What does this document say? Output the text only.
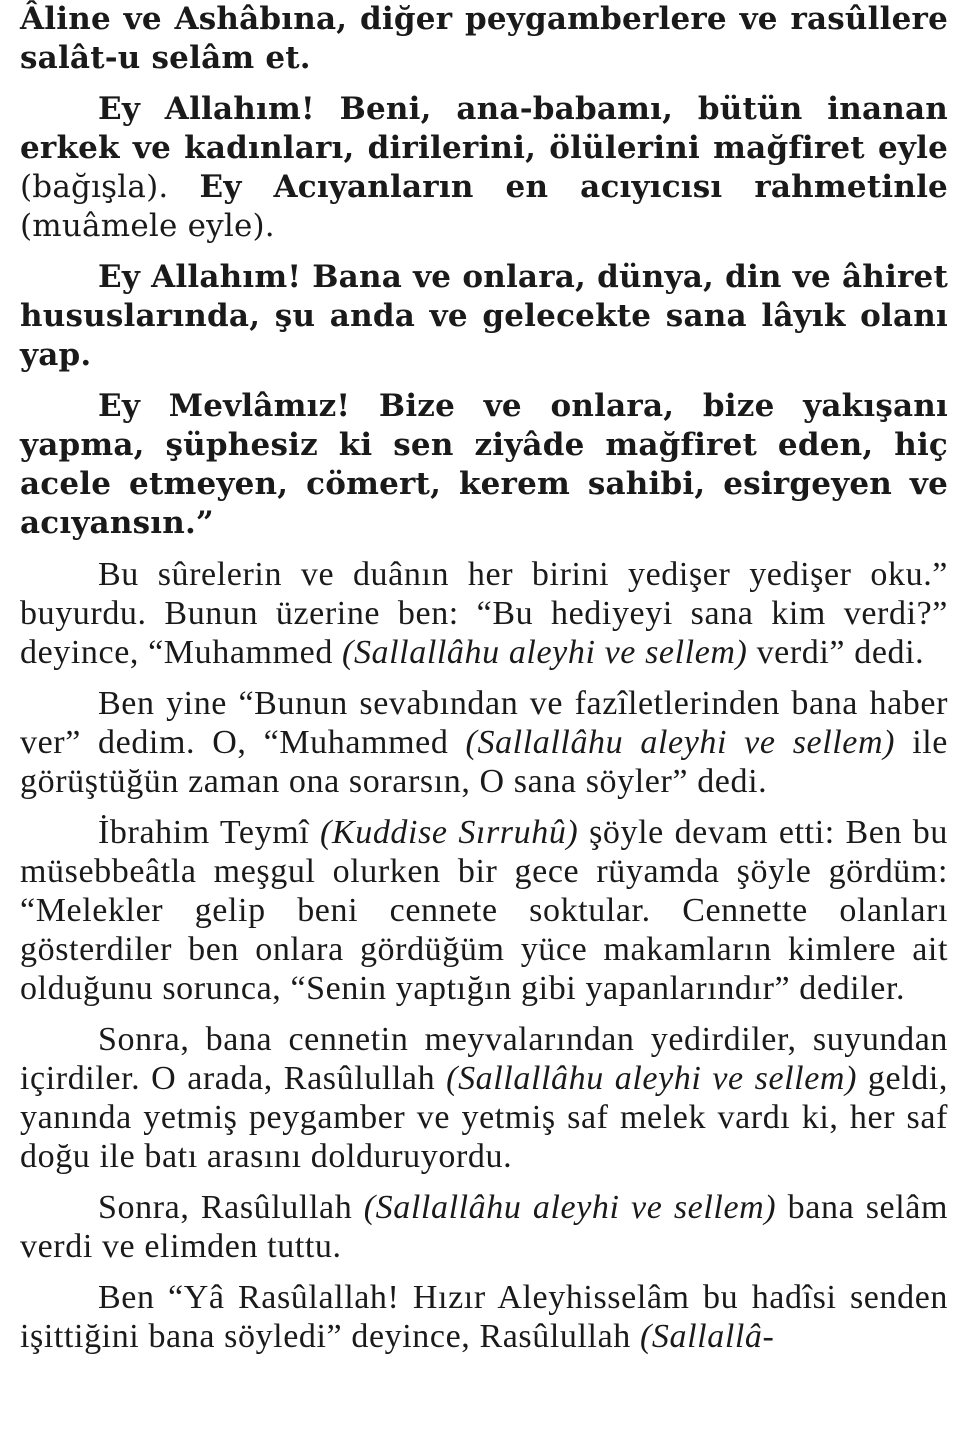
Âline ve Ashâbına, diğer peygamberlere ve rasûllere salât-u selâm et.

Ey Allahım! Beni, ana-babamı, bütün inanan erkek ve kadınları, dirilerini, ölülerini mağfiret eyle (bağışla). Ey Acıyanların en acıyıcısı rahmetinle (muâmele eyle).

Ey Allahım! Bana ve onlara, dünya, din ve âhiret hususlarında, şu anda ve gelecekte sana lâyık olanı yap.

Ey Mevlâmız! Bize ve onlara, bize yakışanı yapma, şüphesiz ki sen ziyâde mağfiret eden, hiç acele etmeyen, cömert, kerem sahibi, esirgeyen ve acıyansın.”

Bu sûrelerin ve duânın her birini yedişer yedişer oku.” buyurdu. Bunun üzerine ben: “Bu hediyeyi sana kim verdi?” deyince, “Muhammed (Sallallâhu aleyhi ve sellem) verdi” dedi.

Ben yine “Bunun sevabından ve fazîletlerinden bana haber ver” dedim. O, “Muhammed (Sallallâhu aleyhi ve sellem) ile görüştüğün zaman ona sorarsın, O sana söyler” dedi.

İbrahim Teymî (Kuddise Sırruhû) şöyle devam etti: Ben bu müsebbeâtla meşgul olurken bir gece rüyamda şöyle gördüm: “Melekler gelip beni cennete soktular. Cennette olanları gösterdiler ben onlara gördüğüm yüce makamların kimlere ait olduğunu sorunca, “Senin yaptığın gibi yapanlarındır” dediler.

Sonra, bana cennetin meyvalarından yedirdiler, suyundan içirdiler. O arada, Rasûlullah (Sallallâhu aleyhi ve sellem) geldi, yanında yetmiş peygamber ve yetmiş saf melek vardı ki, her saf doğu ile batı arasını dolduruyordu.

Sonra, Rasûlullah (Sallallâhu aleyhi ve sellem) bana selâm verdi ve elimden tuttu.

Ben “Yâ Rasûlallah! Hızır Aleyhisselâm bu hadîsi senden işittiğini bana söyledi” deyince, Rasûlullah (Sallallâ-
